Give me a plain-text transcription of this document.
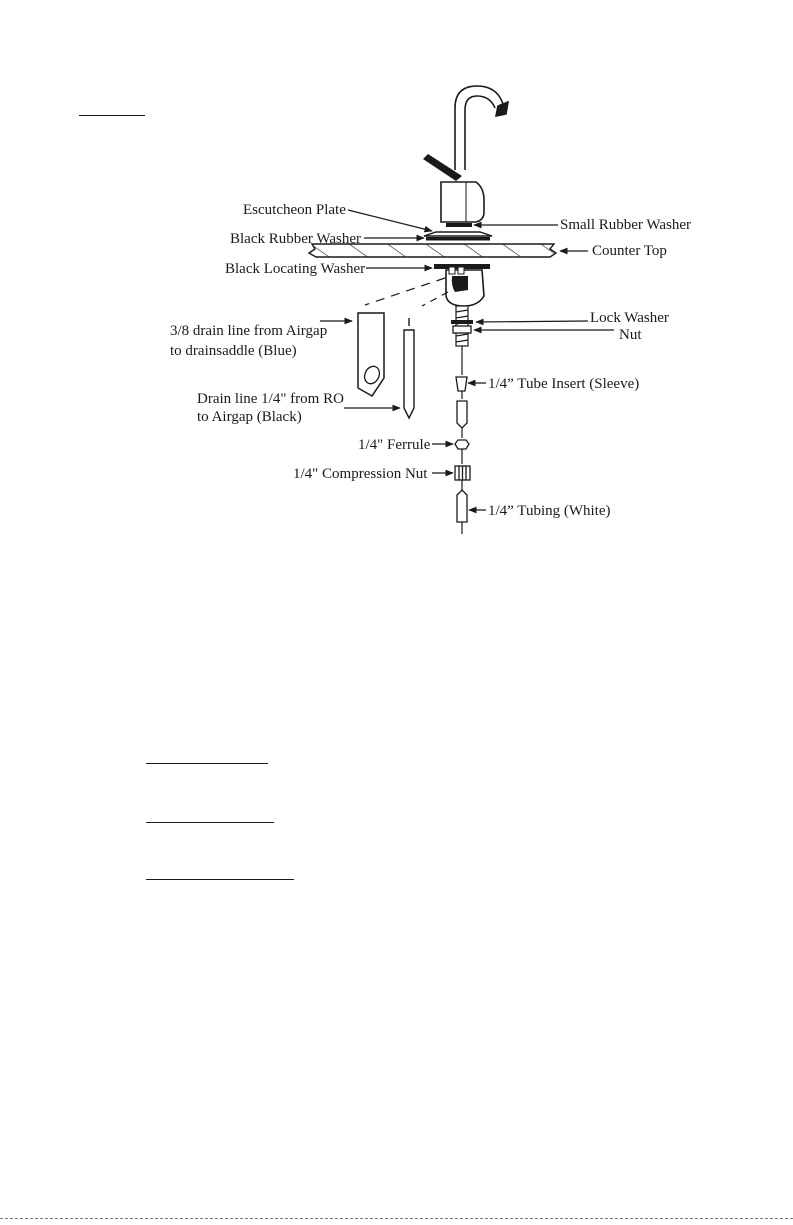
Escutcheon Plate
Black Rubber Washer
Black Locating Washer
Small Rubber Washer
Counter Top
Lock Washer
Nut
3/8 drain line from Airgap
to drainsaddle (Blue)
Drain line 1/4" from RO
to Airgap (Black)
1/4” Tube Insert (Sleeve)
1/4" Ferrule
1/4" Compression Nut
1/4” Tubing (White)
